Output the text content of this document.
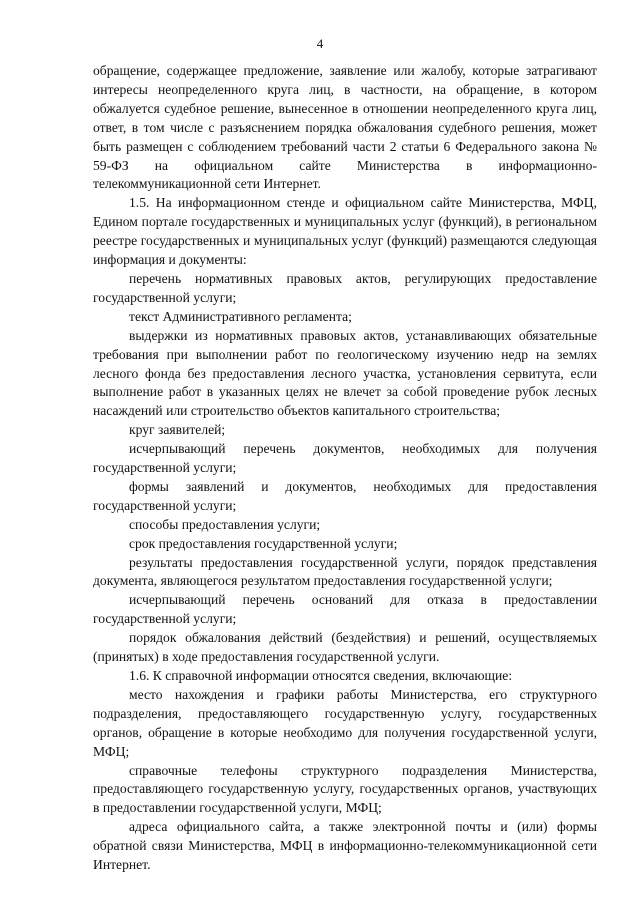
4

обращение, содержащее предложение, заявление или жалобу, которые затрагивают интересы неопределенного круга лиц, в частности, на обращение, в котором обжалуется судебное решение, вынесенное в отношении неопределенного круга лиц, ответ, в том числе с разъяснением порядка обжалования судебного решения, может быть размещен с соблюдением требований части 2 статьи 6 Федерального закона № 59-ФЗ на официальном сайте Министерства в информационно-телекоммуникационной сети Интернет.

1.5. На информационном стенде и официальном сайте Министерства, МФЦ, Едином портале государственных и муниципальных услуг (функций), в региональном реестре государственных и муниципальных услуг (функций) размещаются следующая информация и документы:

перечень нормативных правовых актов, регулирующих предоставление государственной услуги;

текст Административного регламента;

выдержки из нормативных правовых актов, устанавливающих обязательные требования при выполнении работ по геологическому изучению недр на землях лесного фонда без предоставления лесного участка, установления сервитута, если выполнение работ в указанных целях не влечет за собой проведение рубок лесных насаждений или строительство объектов капитального строительства;

круг заявителей;

исчерпывающий перечень документов, необходимых для получения государственной услуги;

формы заявлений и документов, необходимых для предоставления государственной услуги;

способы предоставления услуги;

срок предоставления государственной услуги;

результаты предоставления государственной услуги, порядок представления документа, являющегося результатом предоставления государственной услуги;

исчерпывающий перечень оснований для отказа в предоставлении государственной услуги;

порядок обжалования действий (бездействия) и решений, осуществляемых (принятых) в ходе предоставления государственной услуги.

1.6. К справочной информации относятся сведения, включающие:

место нахождения и графики работы Министерства, его структурного подразделения, предоставляющего государственную услугу, государственных органов, обращение в которые необходимо для получения государственной услуги, МФЦ;

справочные телефоны структурного подразделения Министерства, предоставляющего государственную услугу, государственных органов, участвующих в предоставлении государственной услуги, МФЦ;

адреса официального сайта, а также электронной почты и (или) формы обратной связи Министерства, МФЦ в информационно-телекоммуникационной сети Интернет.
